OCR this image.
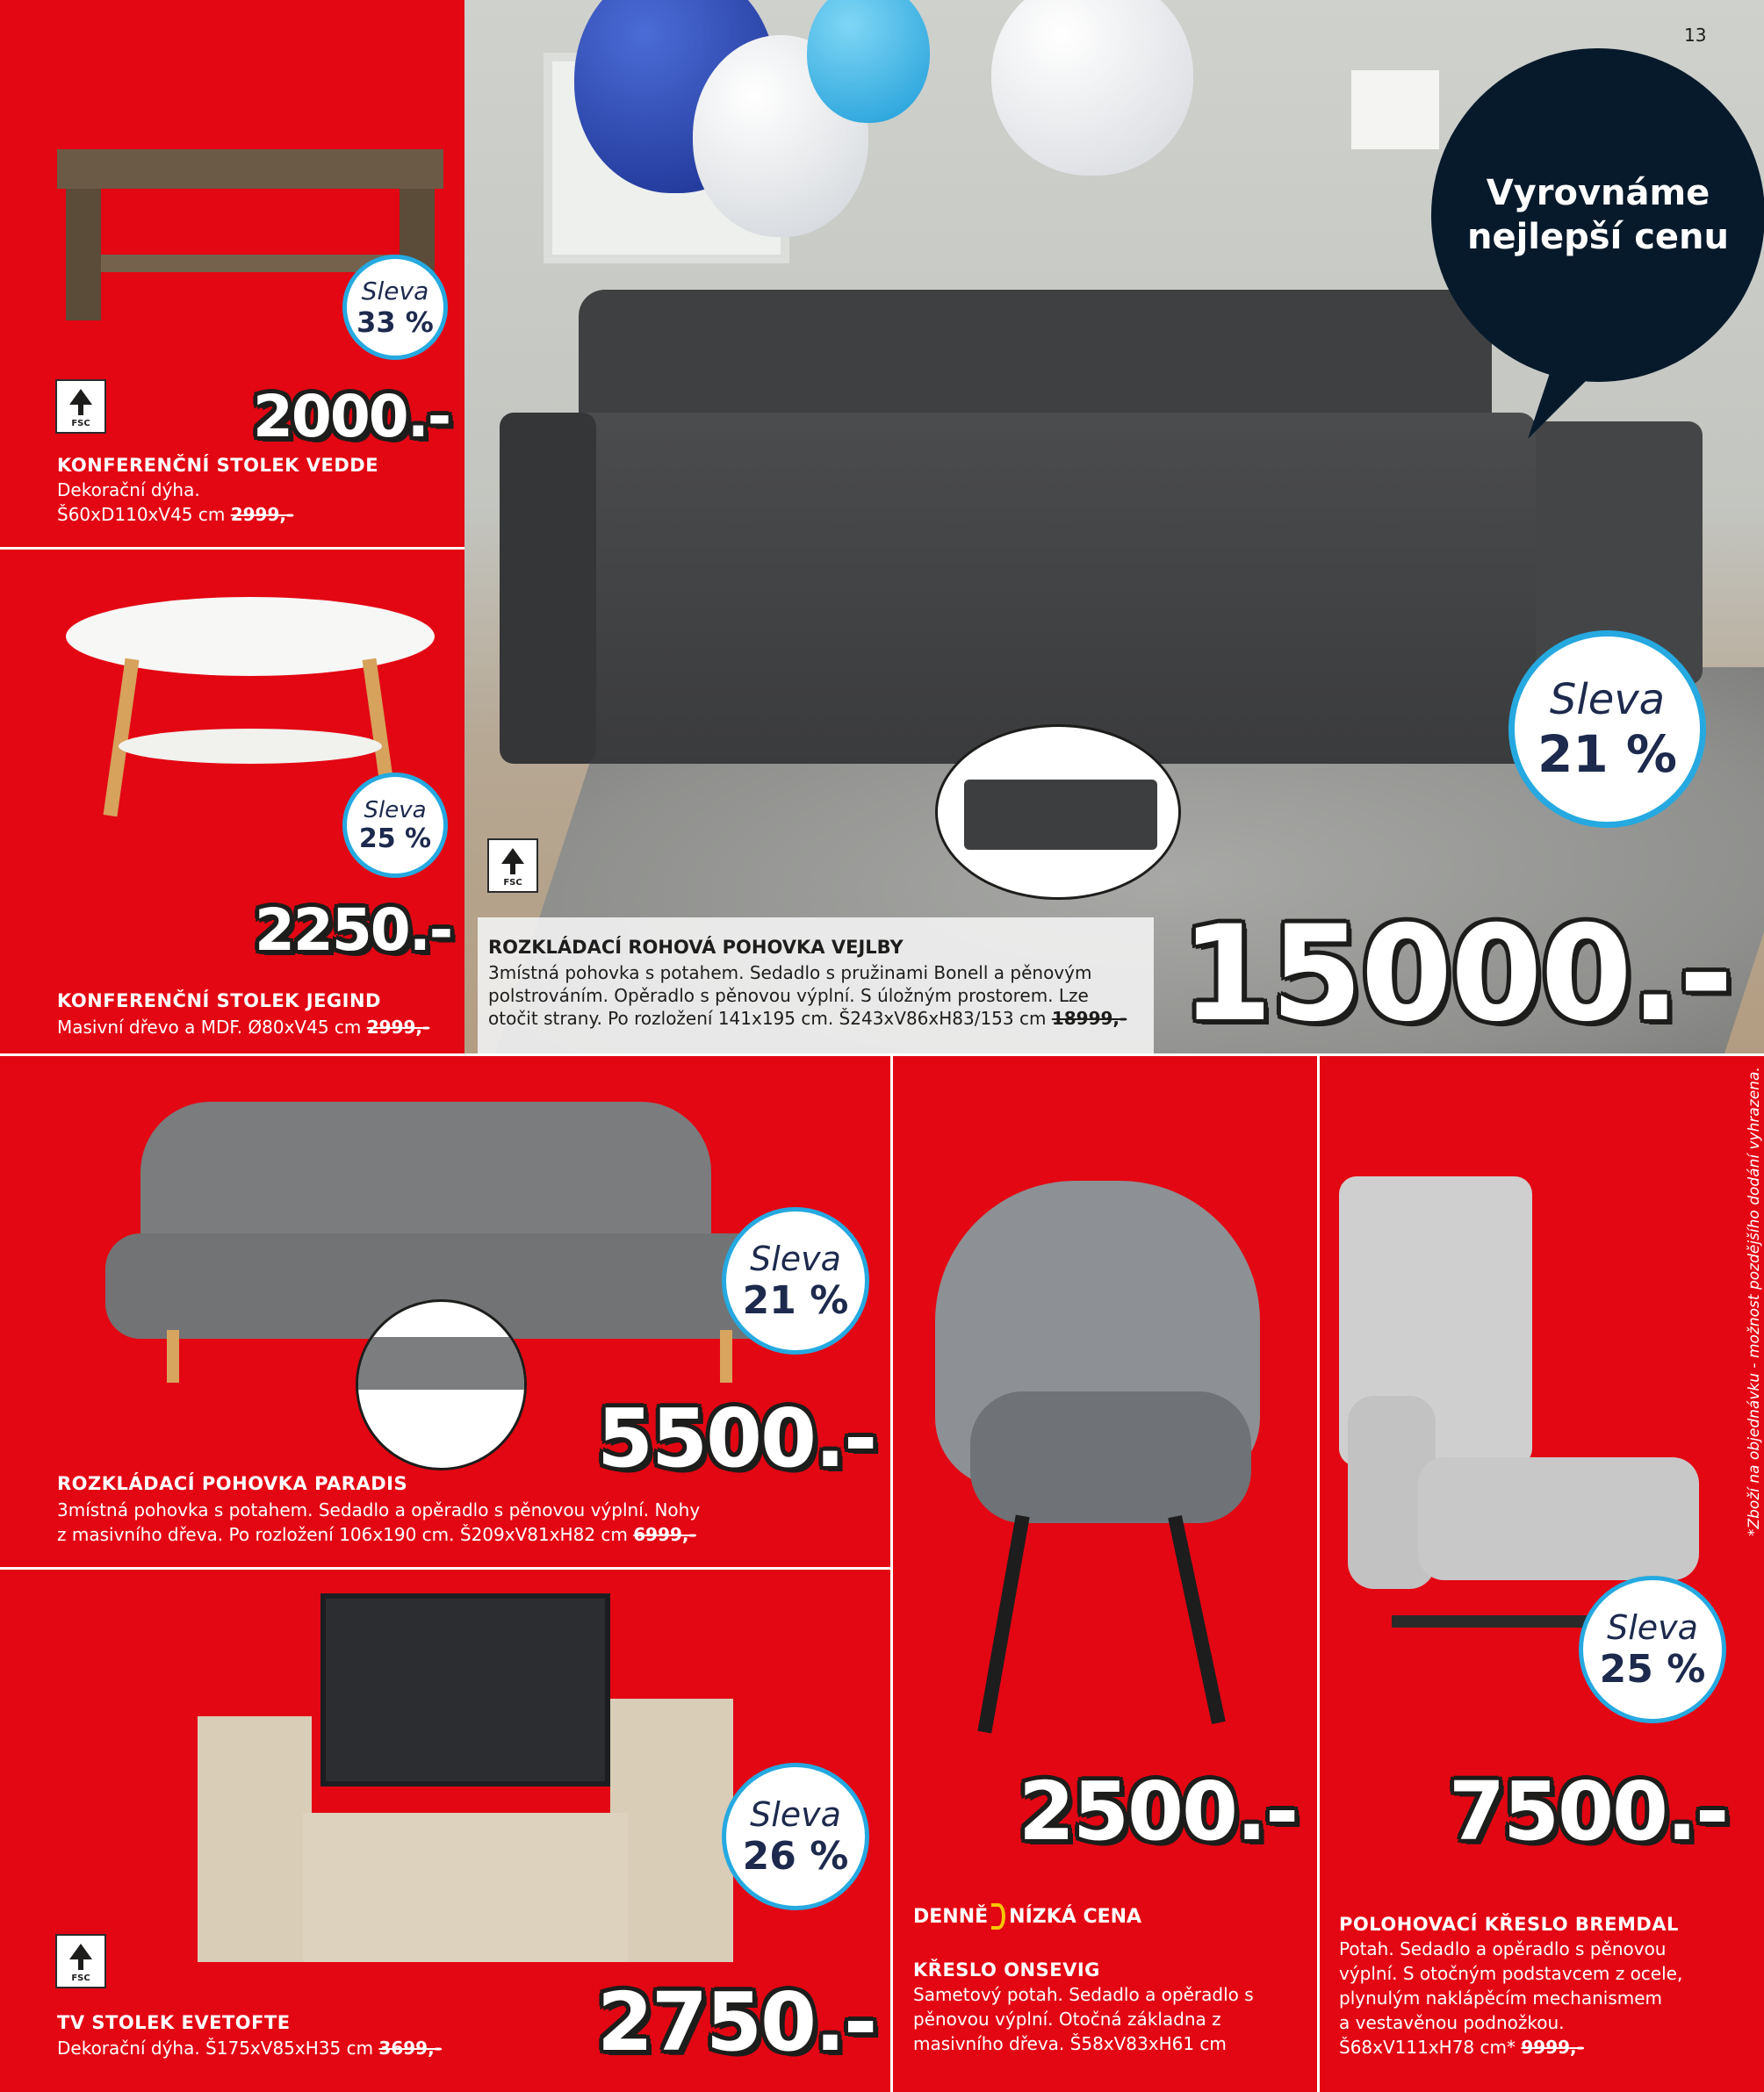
13
Vyrovnáme
nejlepší cenu
Sleva
21 %
FSC
ROZKLÁDACÍ ROHOVÁ POHOVKA VEJLBY
3místná pohovka s potahem. Sedadlo s pružinami Bonell a pěnovým polstrováním. Opěradlo s pěnovou výplní. S úložným prostorem. Lze otočit strany. Po rozložení 141x195 cm. Š243xV86xH83/153 cm 18999,- 15000.-
Sleva
33 %
FSC	2000.-
KONFERENČNÍ STOLEK VEDDE
Dekorační dýha.
Š60xD110xV45 cm 2999,-
Sleva
25 %
2250.-
KONFERENČNÍ STOLEK JEGIND
Masivní dřevo a MDF. Ø80xV45 cm 2999,-
Sleva
21 %
5500.-
ROZKLÁDACÍ POHOVKA PARADIS
3místná pohovka s potahem. Sedadlo a opěradlo s pěnovou výplní. Nohy
z masivního dřeva. Po rozložení 106x190 cm. Š209xV81xH82 cm 6999,-
Sleva
26 %
FSC	2750.-
TV STOLEK EVETOFTE
Dekorační dýha. Š175xV85xH35 cm 3699,-
2500.-
DENNĚ NÍZKÁ CENA
KŘESLO ONSEVIG
Sametový potah. Sedadlo a opěradlo s
pěnovou výplní. Otočná základna z
masivního dřeva. Š58xV83xH61 cm
Sleva
25 %
7500.-
POLOHOVACÍ KŘESLO BREMDAL
Potah. Sedadlo a opěradlo s pěnovou
výplní. S otočným podstavcem z ocele,
plynulým naklápěcím mechanismem
a vestavěnou podnožkou.
Š68xV111xH78 cm* 9999,-
*Zboží na objednávku - možnost pozdějšího dodání vyhrazena.
